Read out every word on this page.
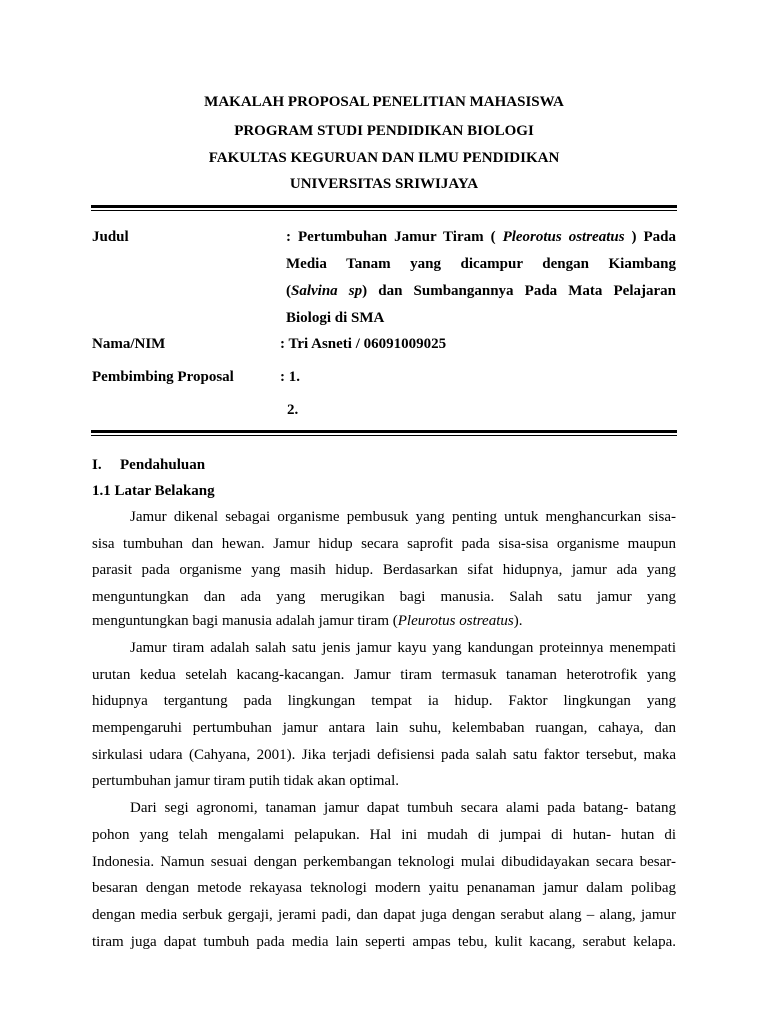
MAKALAH PROPOSAL PENELITIAN MAHASISWA
PROGRAM STUDI PENDIDIKAN BIOLOGI
FAKULTAS KEGURUAN DAN ILMU PENDIDIKAN
UNIVERSITAS SRIWIJAYA
Judul	: Pertumbuhan Jamur Tiram ( Pleorotus ostreatus ) Pada
Media Tanam yang dicampur dengan Kiambang
(Salvina sp) dan Sumbangannya Pada Mata Pelajaran
Biologi di SMA
Nama/NIM	: Tri Asneti / 06091009025
Pembimbing Proposal	: 1.
2.
I. Pendahuluan
1.1 Latar Belakang
Jamur dikenal sebagai organisme pembusuk yang penting untuk menghancurkan sisa-
sisa tumbuhan dan hewan. Jamur hidup secara saprofit pada sisa-sisa organisme maupun
parasit pada organisme yang masih hidup. Berdasarkan sifat hidupnya, jamur ada yang
menguntungkan dan ada yang merugikan bagi manusia. Salah satu jamur yang
menguntungkan bagi manusia adalah jamur tiram (Pleurotus ostreatus).
Jamur tiram adalah salah satu jenis jamur kayu yang kandungan proteinnya menempati
urutan kedua setelah kacang-kacangan. Jamur tiram termasuk tanaman heterotrofik yang
hidupnya tergantung pada lingkungan tempat ia hidup. Faktor lingkungan yang
mempengaruhi pertumbuhan jamur antara lain suhu, kelembaban ruangan, cahaya, dan
sirkulasi udara (Cahyana, 2001). Jika terjadi defisiensi pada salah satu faktor tersebut, maka
pertumbuhan jamur tiram putih tidak akan optimal.
Dari segi agronomi, tanaman jamur dapat tumbuh secara alami pada batang- batang
pohon yang telah mengalami pelapukan. Hal ini mudah di jumpai di hutan- hutan di
Indonesia. Namun sesuai dengan perkembangan teknologi mulai dibudidayakan secara besar-
besaran dengan metode rekayasa teknologi modern yaitu penanaman jamur dalam polibag
dengan media serbuk gergaji, jerami padi, dan dapat juga dengan serabut alang – alang, jamur
tiram juga dapat tumbuh pada media lain seperti ampas tebu, kulit kacang, serabut kelapa.
